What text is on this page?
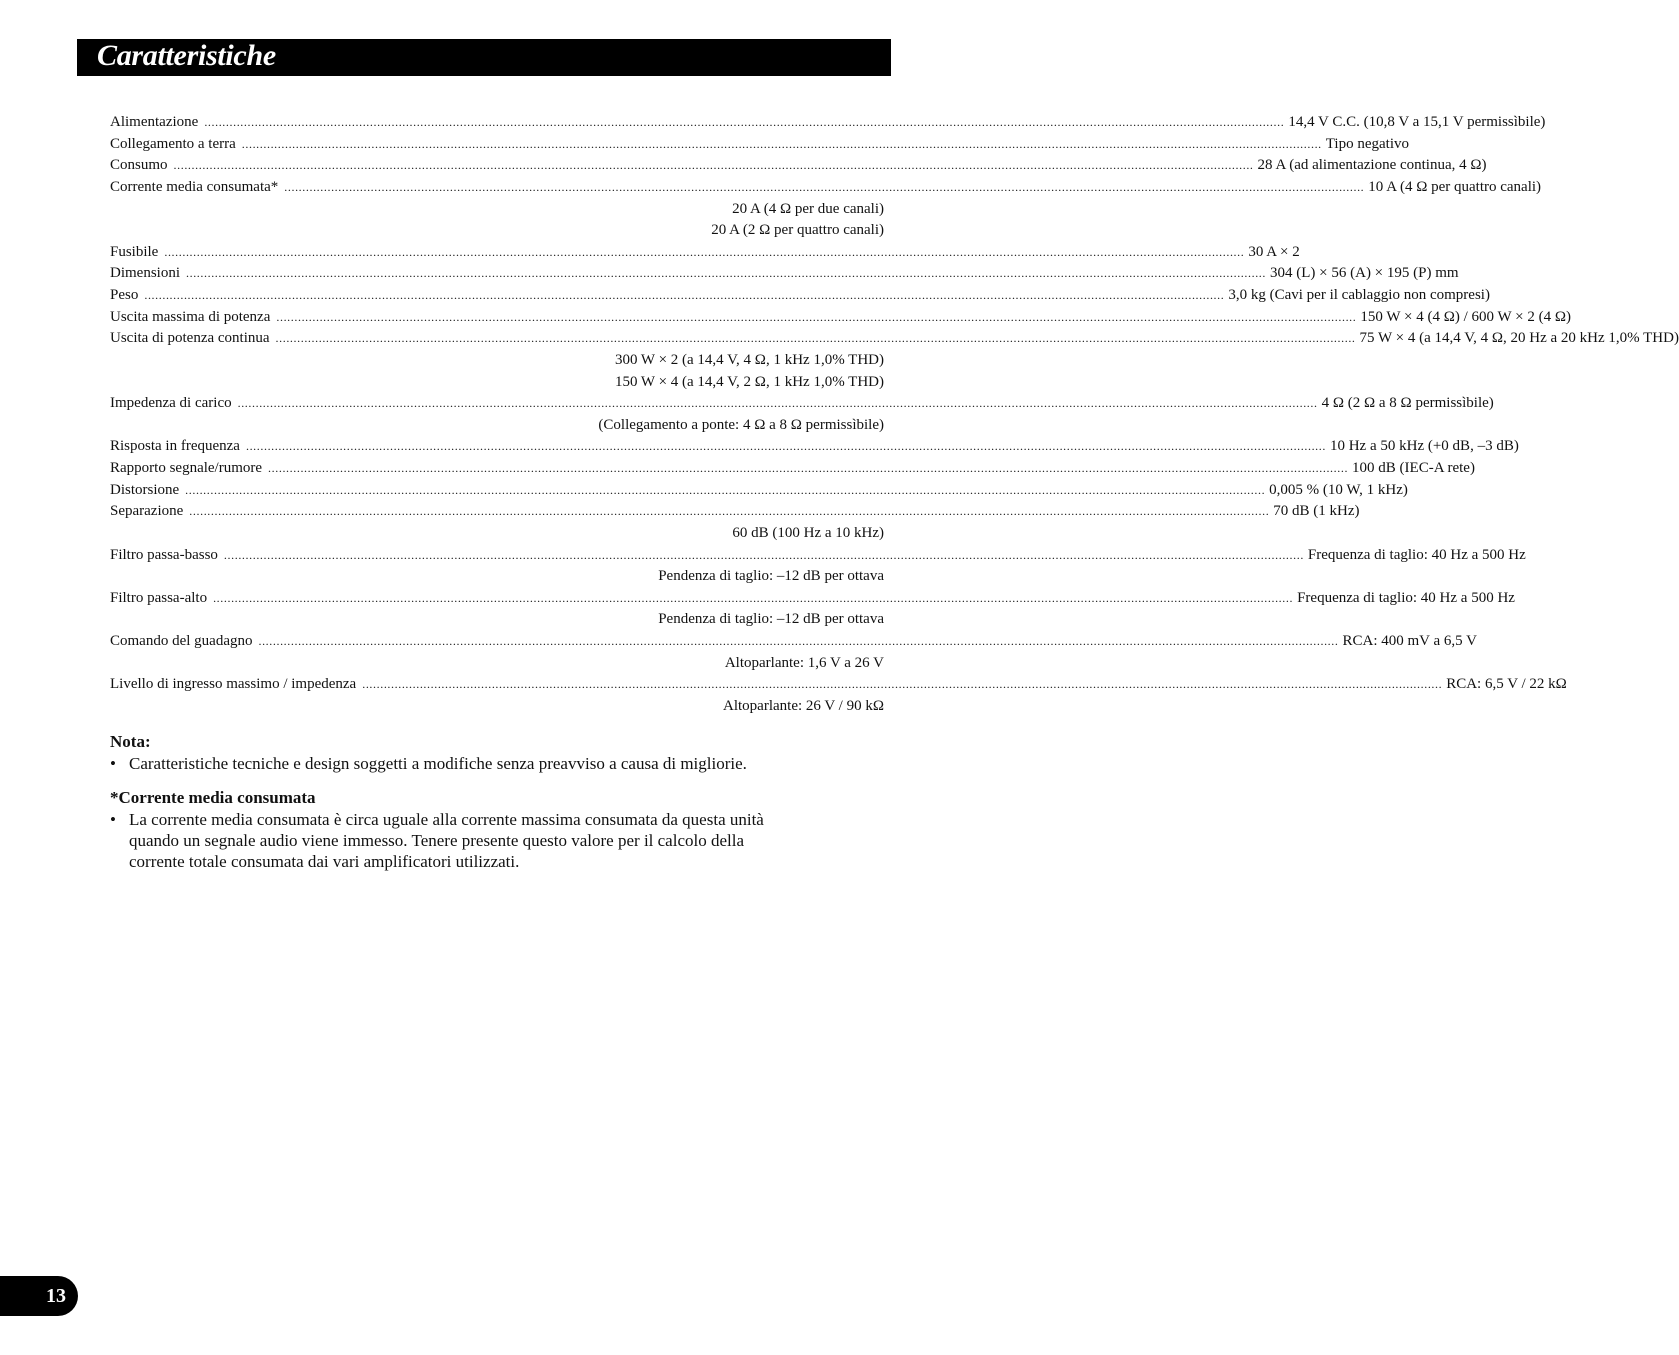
Caratteristiche
Alimentazione ............................................................................................................................................................................................................................................................................................................ 14,4 V C.C. (10,8 V a 15,1 V permissìbile)
Collegamento a terra ............................................................................................................................................................................................................................................................................................................ Tipo negativo
Consumo ............................................................................................................................................................................................................................................................................................................ 28 A (ad alimentazione continua, 4 Ω)
Corrente media consumata* ............................................................................................................................................................................................................................................................................................................ 10 A (4 Ω per quattro canali)
20 A (4 Ω per due canali)
20 A (2 Ω per quattro canali)
Fusibile ............................................................................................................................................................................................................................................................................................................ 30 A × 2
Dimensioni ............................................................................................................................................................................................................................................................................................................ 304 (L) × 56 (A) × 195 (P) mm
Peso ............................................................................................................................................................................................................................................................................................................ 3,0 kg (Cavi per il cablaggio non compresi)
Uscita massima di potenza ............................................................................................................................................................................................................................................................................................................ 150 W × 4 (4 Ω) / 600 W × 2 (4 Ω)
Uscita di potenza continua ............................................................................................................................................................................................................................................................................................................ 75 W × 4 (a 14,4 V, 4 Ω, 20 Hz a 20 kHz 1,0% THD)
300 W × 2 (a 14,4 V, 4 Ω, 1 kHz 1,0% THD)
150 W × 4 (a 14,4 V, 2 Ω, 1 kHz 1,0% THD)
Impedenza di carico ............................................................................................................................................................................................................................................................................................................ 4 Ω (2 Ω a 8 Ω permissìbile)
(Collegamento a ponte: 4 Ω a 8 Ω permissìbile)
Risposta in frequenza ............................................................................................................................................................................................................................................................................................................ 10 Hz a 50 kHz (+0 dB, –3 dB)
Rapporto segnale/rumore ............................................................................................................................................................................................................................................................................................................ 100 dB (IEC-A rete)
Distorsione ............................................................................................................................................................................................................................................................................................................ 0,005 % (10 W, 1 kHz)
Separazione ............................................................................................................................................................................................................................................................................................................ 70 dB (1 kHz)
60 dB (100 Hz a 10 kHz)
Filtro passa-basso ............................................................................................................................................................................................................................................................................................................ Frequenza di taglio: 40 Hz a 500 Hz
Pendenza di taglio: –12 dB per ottava
Filtro passa-alto ............................................................................................................................................................................................................................................................................................................ Frequenza di taglio: 40 Hz a 500 Hz
Pendenza di taglio: –12 dB per ottava
Comando del guadagno ............................................................................................................................................................................................................................................................................................................ RCA: 400 mV a 6,5 V
Altoparlante: 1,6 V a 26 V
Livello di ingresso massimo / impedenza ............................................................................................................................................................................................................................................................................................................ RCA: 6,5 V / 22 kΩ
Altoparlante: 26 V / 90 kΩ
Nota:
• Caratteristiche tecniche e design soggetti a modifiche senza preavviso a causa di migliorie.
*Corrente media consumata
• La corrente media consumata è circa uguale alla corrente massima consumata da questa unità quando un segnale audio viene immesso. Tenere presente questo valore per il calcolo della corrente totale consumata dai vari amplificatori utilizzati.
13
